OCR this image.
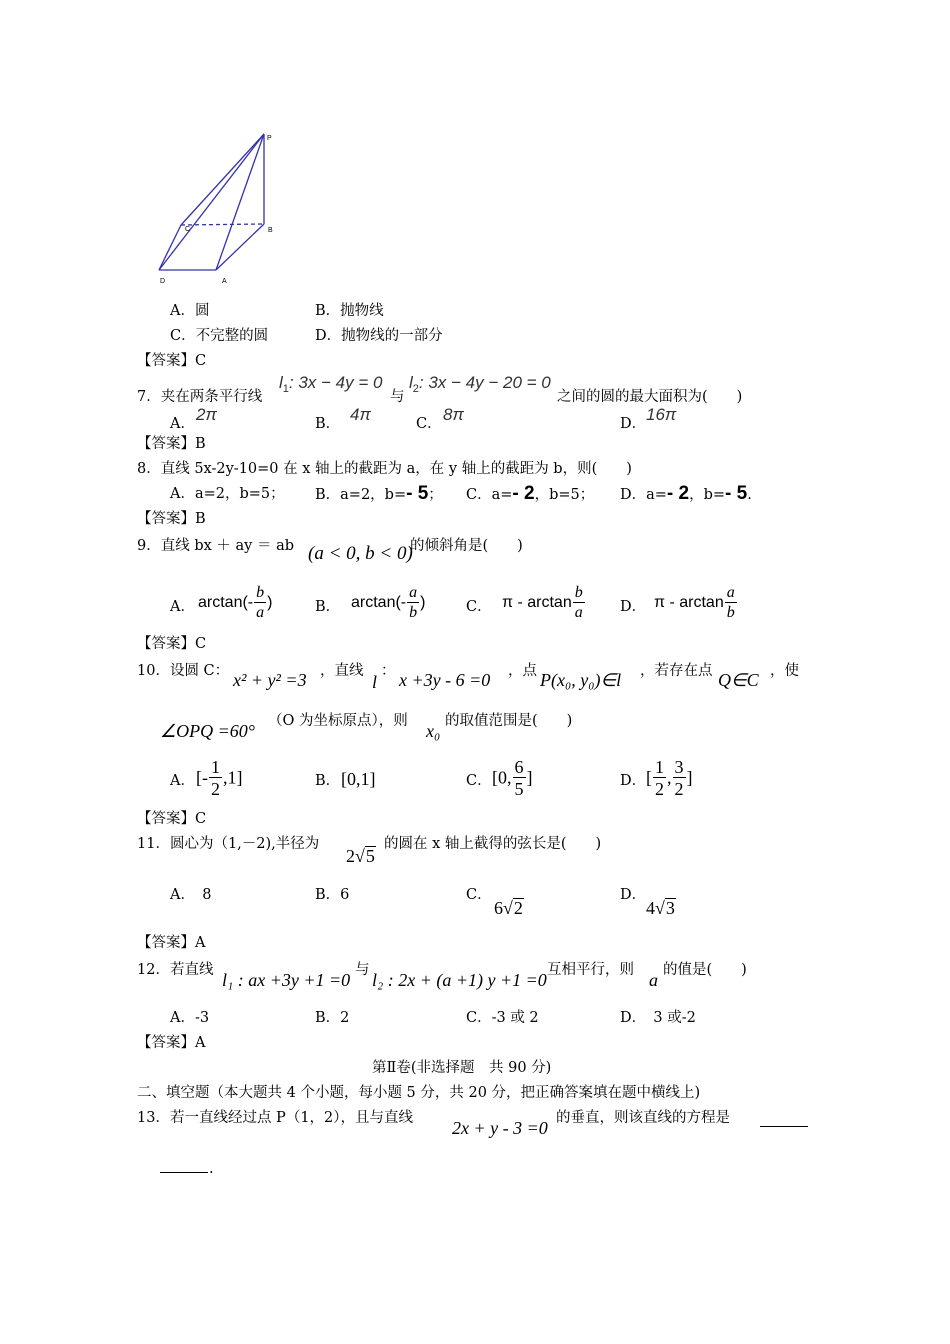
P
B
C
D	A
A．圆	B．抛物线
C．不完整的圆	D．抛物线的一部分
【答案】C
7．夹在两条平行线
$l_1$: 3x − 4y = 0
与
$l_2$: 3x − 4y − 20 = 0
之间的圆的最大面积为(　　)
A． 2π	B． 4π	C． 8π	D． 16π
【答案】B
8．直线 5x-2y-10=0 在 x 轴上的截距为 a，在 y 轴上的截距为 b，则(　　)
A．a=2，b=5； B．a=2，b=- 5； C．a=- 2，b=5； D．a=- 2，b=- 5.
【答案】B
9．直线 bx ＋ ay ＝ ab (a < 0, b < 0)
的倾斜角是(　　)
A． $\arctan(- \frac{b}{a}$ )	B． $\arctan(- \frac{a}{b}$ )	C． π - $\arctan \frac{b}{a}$ D． π - $\arctan \frac{a}{b}$
【答案】C
10．设圆 C： x² + y² =3 ，直线
l
： x +3y - 6 =0 ，点 P(x₀, y₀)∈l ，若存在点 Q∈C ，使
∠OPQ =60° （O 为坐标原点），则 x₀ 的取值范围是(　　)
A． [- $\frac{1}{2} ,1$]	B． [0,1]	C． [0, $\frac{6}{5}$ ]	D． [ $\frac{1}{2}$ , $\frac{3}{2}$ ]
【答案】C
11．圆心为（1,－2),半径为
2√5
的圆在 x 轴上截得的弦长是(　　)
A．　8	B．6	C．
6√2
D．
4√3
【答案】A
12．若直线 l₁ : ax +3y +1 =0 与 l₂ : 2x + (a +1) y +1 =0 互相平行，则 a 的值是(　　)
A．-3	B．2	C．-3 或 2	D．　3 或-2
【答案】A
第Ⅱ卷(非选择题　共 90 分)
二、填空题（本大题共 4 个小题，每小题 5 分，共 20 分，把正确答案填在题中横线上)
13．若一直线经过点 P（1，2），且与直线 2x + y - 3 =0 的垂直，则该直线的方程是
.
